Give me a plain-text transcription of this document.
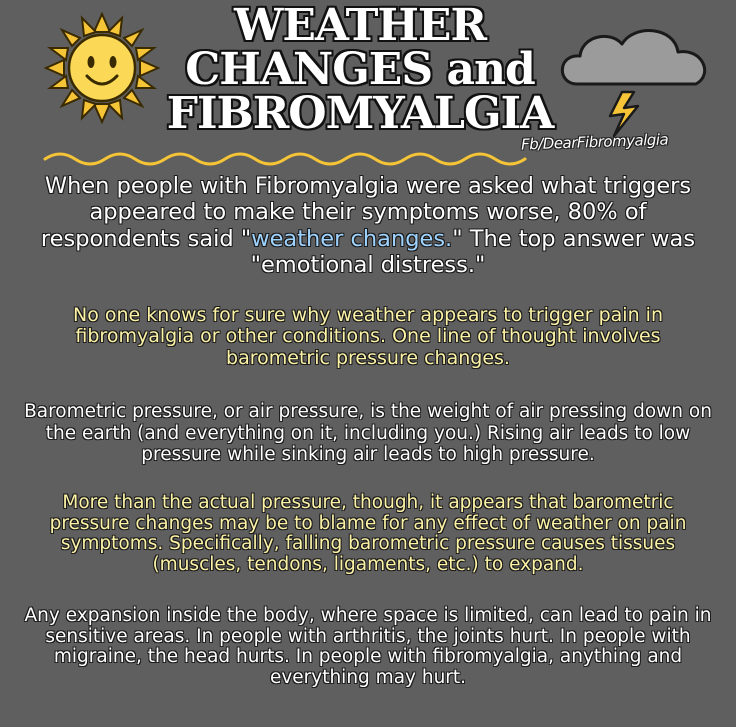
WEATHER
CHANGES and
FIBROMYALGIA
Fb/DearFibromyalgia
When people with Fibromyalgia were asked what triggers appeared to make their symptoms worse, 80% of respondents said "weather changes." The top answer was "emotional distress."
No one knows for sure why weather appears to trigger pain in fibromyalgia or other conditions. One line of thought involves barometric pressure changes.
Barometric pressure, or air pressure, is the weight of air pressing down on the earth (and everything on it, including you.) Rising air leads to low pressure while sinking air leads to high pressure.
More than the actual pressure, though, it appears that barometric pressure changes may be to blame for any effect of weather on pain symptoms. Specifically, falling barometric pressure causes tissues (muscles, tendons, ligaments, etc.) to expand.
Any expansion inside the body, where space is limited, can lead to pain in sensitive areas. In people with arthritis, the joints hurt. In people with migraine, the head hurts. In people with fibromyalgia, anything and everything may hurt.
